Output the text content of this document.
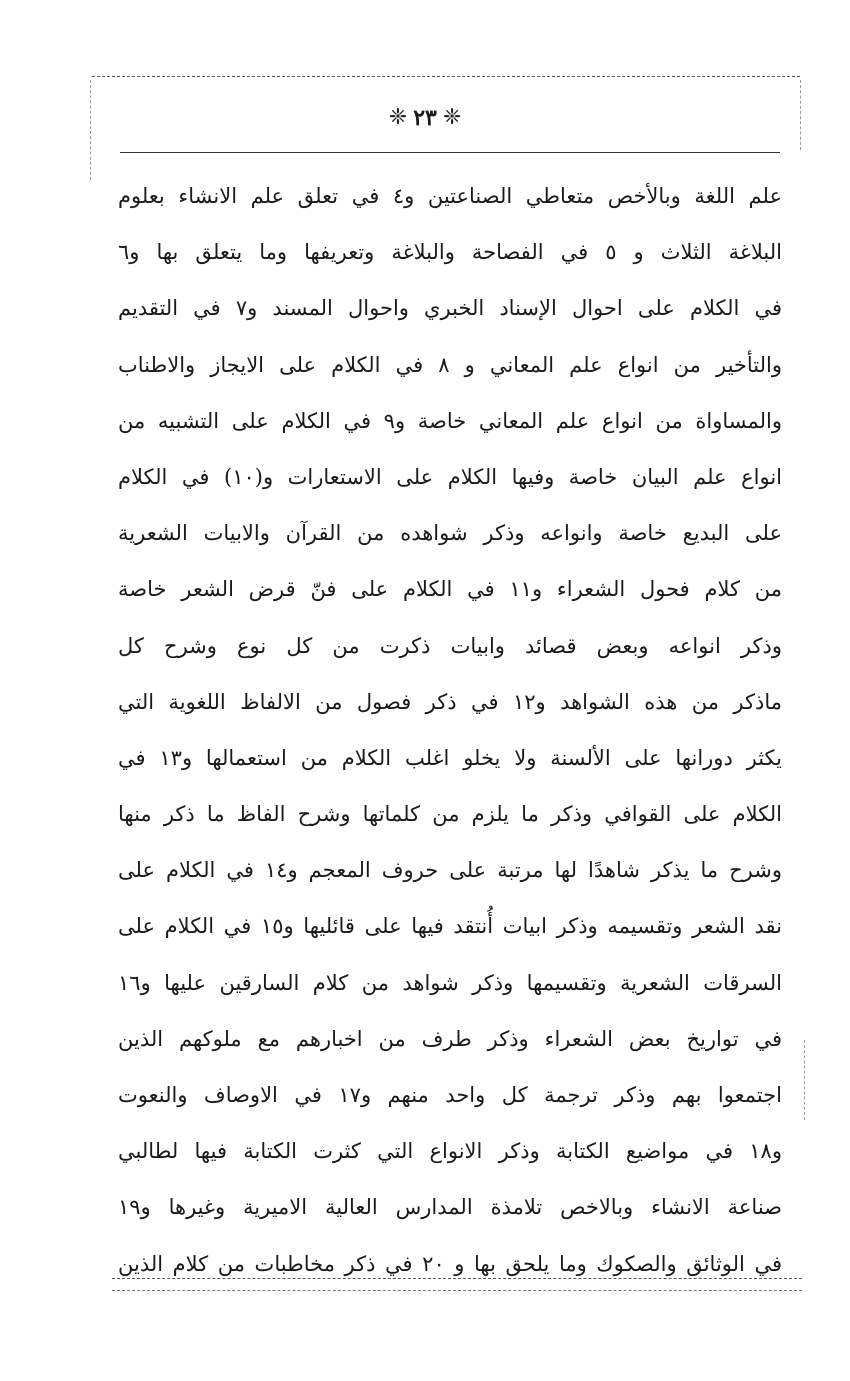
❈
٢٣
❈
علم اللغة وبالأخص متعاطي الصناعتين و٤ في تعلق علم الانشاء بعلوم
البلاغة الثلاث و ٥ في الفصاحة والبلاغة وتعريفها وما يتعلق بها و٦
في الكلام على احوال الإسناد الخبري واحوال المسند و٧ في التقديم
والتأخير من انواع علم المعاني و ٨ في الكلام على الايجاز والاطناب
والمساواة من انواع علم المعاني خاصة و٩ في الكلام على التشبيه من
انواع علم البيان خاصة وفيها الكلام على الاستعارات و(١٠) في الكلام
على البديع خاصة وانواعه وذكر شواهده من القرآن والابيات الشعرية
من كلام فحول الشعراء و١١ في الكلام على فنّ قرض الشعر خاصة
وذكر انواعه وبعض قصائد وابيات ذكرت من كل نوع وشرح كل
ماذكر من هذه الشواهد و١٢ في ذكر فصول من الالفاظ اللغوية التي
يكثر دورانها على الألسنة ولا يخلو اغلب الكلام من استعمالها و١٣ في
الكلام على القوافي وذكر ما يلزم من كلماتها وشرح الفاظ ما ذكر منها
وشرح ما يذكر شاهدًا لها مرتبة على حروف المعجم و١٤ في الكلام على
نقد الشعر وتقسيمه وذكر ابيات أُنتقد فيها على قائليها و١٥ في الكلام على
السرقات الشعرية وتقسيمها وذكر شواهد من كلام السارقين عليها و١٦
في تواريخ بعض الشعراء وذكر طرف من اخبارهم مع ملوكهم الذين
اجتمعوا بهم وذكر ترجمة كل واحد منهم و١٧ في الاوصاف والنعوت
و١٨ في مواضيع الكتابة وذكر الانواع التي كثرت الكتابة فيها لطالبي
صناعة الانشاء وبالاخص تلامذة المدارس العالية الاميرية وغيرها و١٩
في الوثائق والصكوك وما يلحق بها و ٢٠ في ذكر مخاطبات من كلام الذين
